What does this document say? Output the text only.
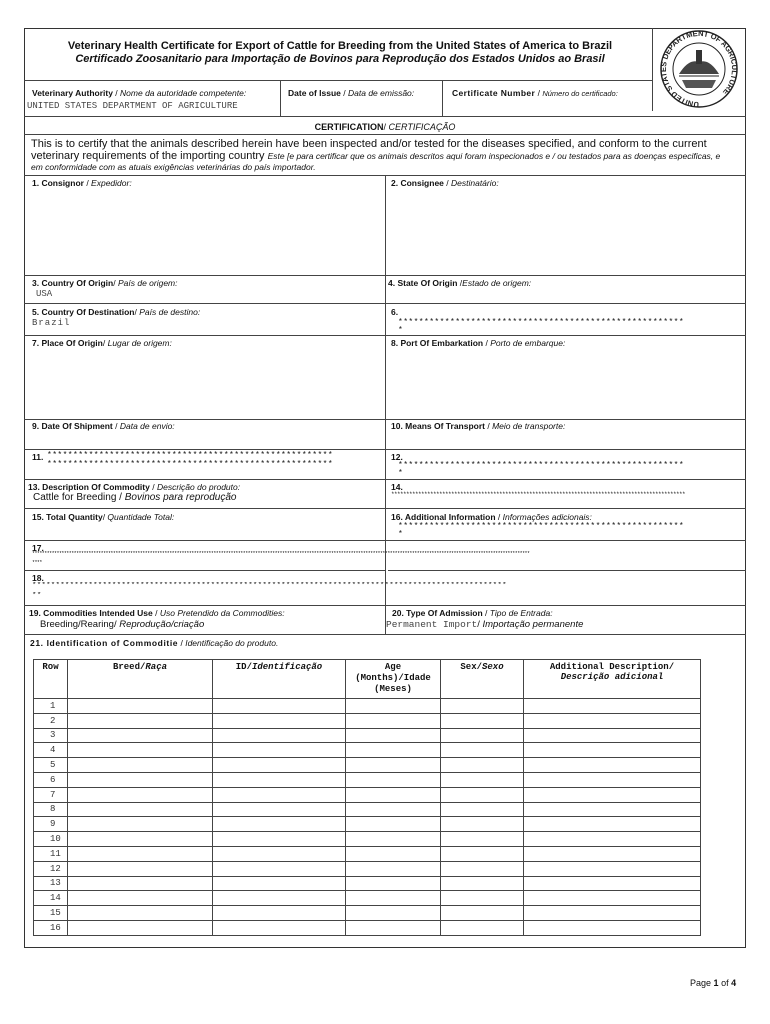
Veterinary Health Certificate for Export of Cattle for Breeding from the United States of America to Brazil
Certificado Zoosanitario para Importação de Bovinos para Reprodução dos Estados Unidos ao Brasil
UNITED STATES DEPARTMENT OF AGRICULTURE
Veterinary Authority / Nome da autoridade competente:
UNITED STATES DEPARTMENT OF AGRICULTURE
Date of Issue / Data de emissão:	Certificate Number / Número do certificado:
CERTIFICATION/ CERTIFICAÇÃO
This is to certify that the animals described herein have been inspected and/or tested for the diseases specified, and conform to the current veterinary requirements of the importing country Este [e para certificar que os animais descritos aqui foram inspecionados e / ou testados para as doenças especificas, e em conformidade com as atuais exigências veterinárias do país importador.
1. Consignor / Expedidor:	2. Consignee / Destinatário:
3. Country Of Origin/ País de origem:
USA
4. State Of Origin /Estado de origem:
5. Country Of Destination/ País de destino:
Brazil
6.
*******************************************************
*
7. Place Of Origin/ Lugar de origem:	8. Port Of Embarkation / Porto de embarque:
9. Date Of Shipment / Data de envio:	10. Means Of Transport / Meio de transporte:
11. *******************************************************
*******************************************************
12.
*******************************************************
*
13. Description Of Commodity / Descrição do produto:
Cattle for Breeding / Bovinos para reprodução
14.
**************************************************************************************************
15. Total Quantity/ Quantidade Total:	16. Additional Information / Informações adicionais:
*******************************************************
*
17.
***********************************************************************************************************************************************************************************************************
****
18.
*****************************************************************************************************
**
19. Commodities Intended Use / Uso Pretendido da Commodities:
Breeding/Rearing/ Reprodução/criação
20. Type Of Admission / Tipo de Entrada:
Permanent Import/ Importação permanente
21. Identification of Commoditie / Identificação do produto.
Row	Breed/Raça	ID/Identificação	Age (Months)/Idade (Meses)	Sex/Sexo	Additional Description/
Descrição adicional
1					
2					
3					
4					
5					
6					
7					
8					
9					
10					
11					
12					
13					
14					
15					
16					
Page 1 of 4
